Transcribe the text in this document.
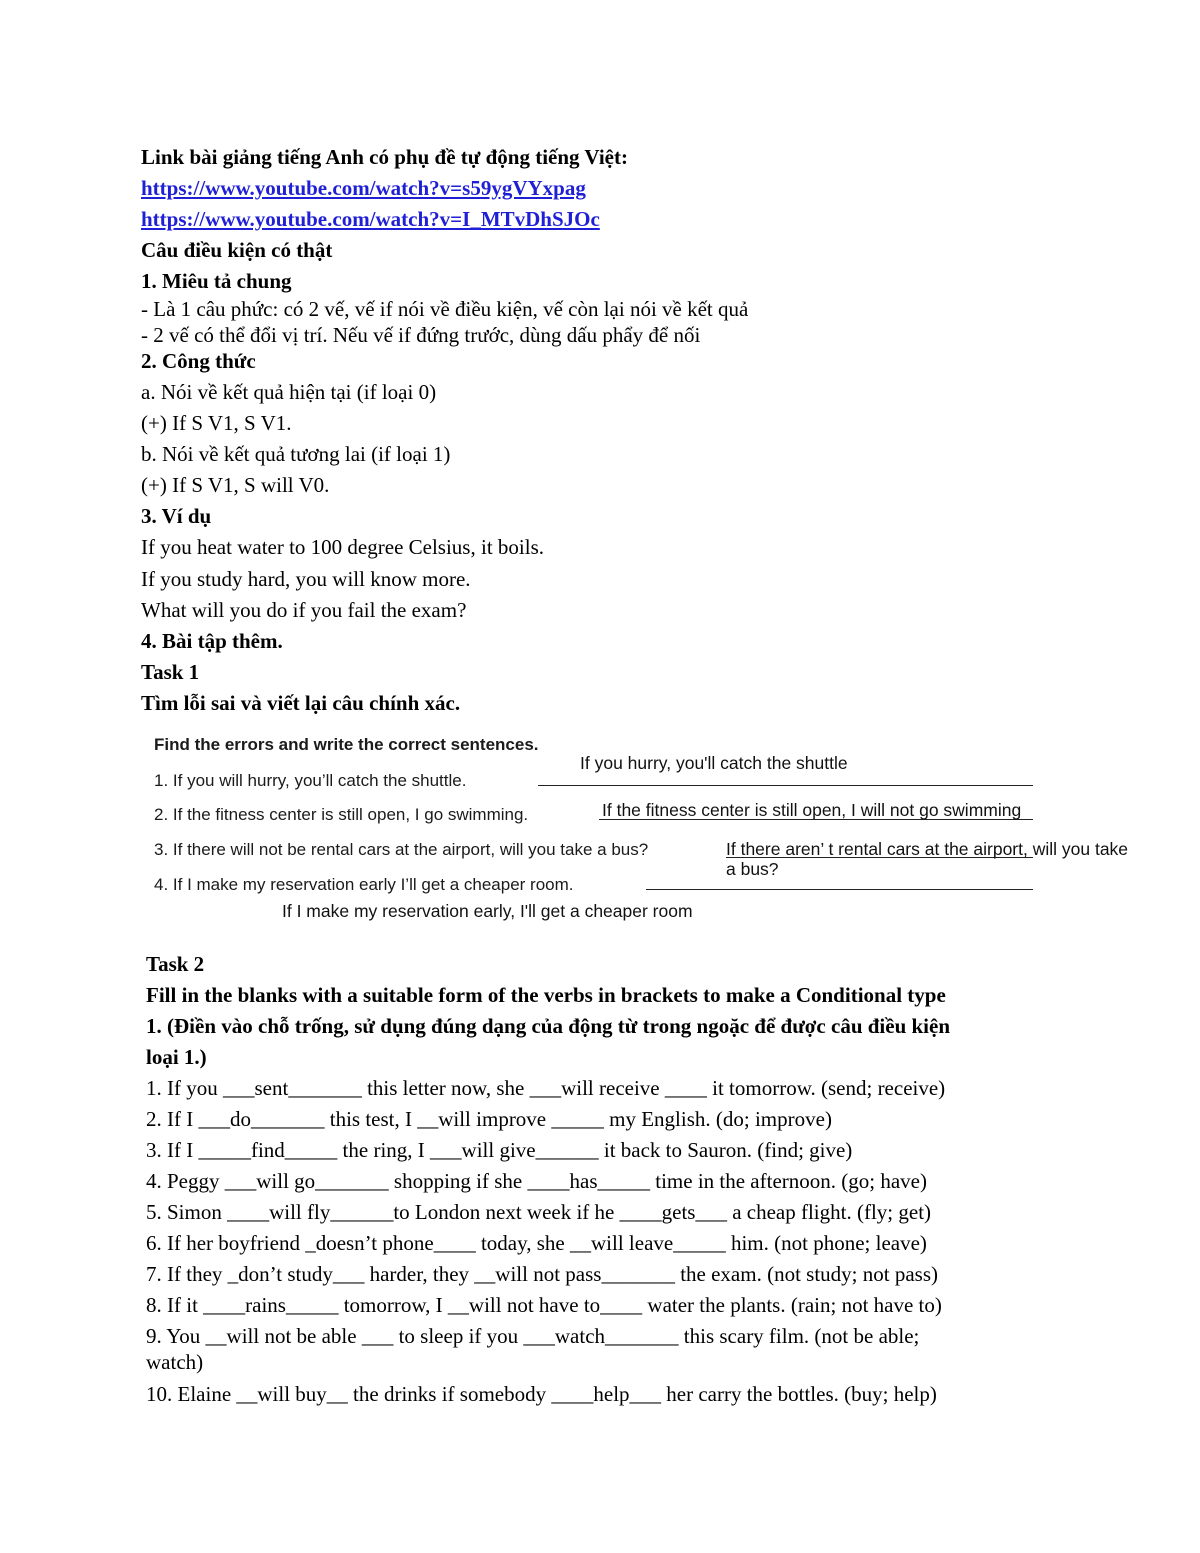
Link bài giảng tiếng Anh có phụ đề tự động tiếng Việt:
https://www.youtube.com/watch?v=s59ygVYxpag
https://www.youtube.com/watch?v=I_MTvDhSJOc
Câu điều kiện có thật
1. Miêu tả chung
- Là 1 câu phức: có 2 vế, vế if nói về điều kiện, vế còn lại nói về kết quả
- 2 vế có thể đổi vị trí. Nếu vế if đứng trước, dùng dấu phẩy để nối
2. Công thức
a. Nói về kết quả hiện tại (if loại 0)
(+) If S V1, S V1.
b. Nói về kết quả tương lai (if loại 1)
(+) If S V1, S will V0.
3. Ví dụ
If you heat water to 100 degree Celsius, it boils.
If you study hard, you will know more.
What will you do if you fail the exam?
4. Bài tập thêm.
Task 1
Tìm lỗi sai và viết lại câu chính xác.
Find the errors and write the correct sentences.
1. If you will hurry, you’ll catch the shuttle.
If you hurry, you'll catch the shuttle
2. If the fitness center is still open, I go swimming.	If the fitness center is still open, I will not go swimming
3. If there will not be rental cars at the airport, will you take a bus?	If there aren’ t rental cars at the airport, will you take
a bus?
4. If I make my reservation early I’ll get a cheaper room.
If I make my reservation early, I'll get a cheaper room
Task 2
Fill in the blanks with a suitable form of the verbs in brackets to make a Conditional type
1. (Điền vào chỗ trống, sử dụng đúng dạng của động từ trong ngoặc để được câu điều kiện
loại 1.)
1. If you ___sent_______ this letter now, she ___will receive ____ it tomorrow. (send; receive)
2. If I ___do_______ this test, I __will improve _____ my English. (do; improve)
3. If I _____find_____ the ring, I ___will give______ it back to Sauron. (find; give)
4. Peggy ___will go_______ shopping if she ____has_____ time in the afternoon. (go; have)
5. Simon ____will fly______to London next week if he ____gets___ a cheap flight. (fly; get)
6. If her boyfriend _doesn’t phone____ today, she __will leave_____ him. (not phone; leave)
7. If they _don’t study___ harder, they __will not pass_______ the exam. (not study; not pass)
8. If it ____rains_____ tomorrow, I __will not have to____ water the plants. (rain; not have to)
9. You __will not be able ___ to sleep if you ___watch_______ this scary film. (not be able;
watch)
10. Elaine __will buy__ the drinks if somebody ____help___ her carry the bottles. (buy; help)
